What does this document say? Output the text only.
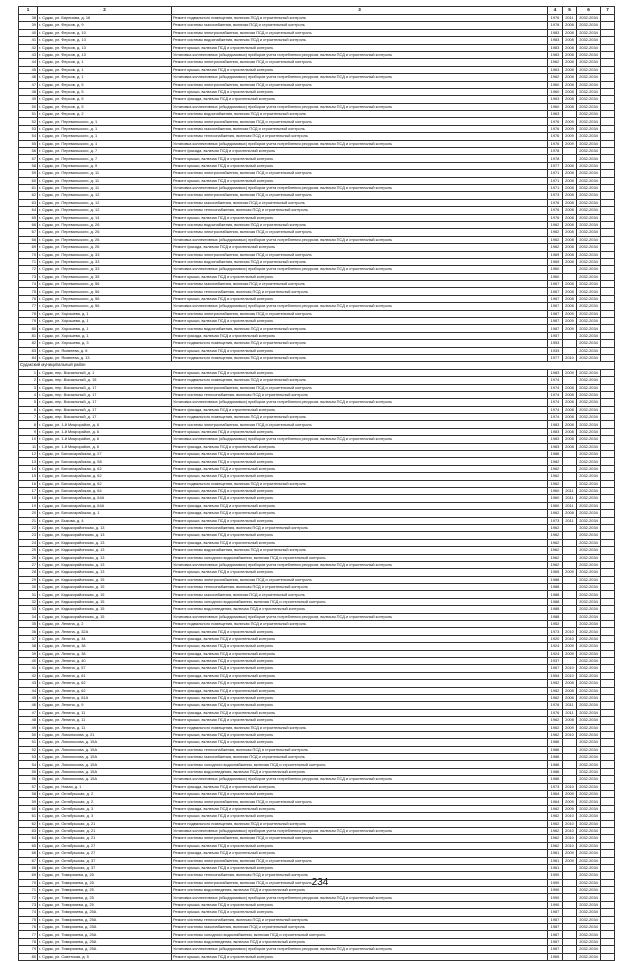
1	2	3	4	5	6	7
38	г. Судак, ул. Бирюзова, д. 16	Ремонт подвального помещения, включая ПСД и строительный контроль	1976	2011	2032-2034	
39	г. Судак, ул. Ферсов, д. 9	Ремонт системы газоснабжения, включая ПСД и строительный контроль	1978	2008	2032-2034	
40	г. Судак, ул. Ферсов, д. 10	Ремонт системы электроснабжения, включая ПСД и строительный контроль	1983	2008	2032-2034	
41	г. Судак, ул. Ферсов, д. 13	Ремонт системы водоснабжения, включая ПСД и строительный контроль	1983	2008	2032-2034	
42	г. Судак, ул. Ферсов, д. 13	Ремонт крыши, включая ПСД и строительный контроль	1983	2008	2032-2034	
43	г. Судак, ул. Ферсов, д. 13	Установка коллективных (общедомовых) приборов учета потребления ресурсов, включая ПСД и строительный контроль	1983	2008	2032-2034	
44	г. Судак, ул. Ферсов, д. 1	Ремонт системы электроснабжения, включая ПСД и строительный контроль	1962	2008	2032-2034	
45	г. Судак, ул. Ферсов, д. 1	Ремонт крыши, включая ПСД и строительный контроль	1963	2008	2032-2034	
46	г. Судак, ул. Ферсов, д. 1	Установка коллективных (общедомовых) приборов учета потребления ресурсов, включая ПСД и строительный контроль	1962	2008	2032-2034	
47	г. Судак, ул. Ферсов, д. 5	Ремонт системы электроснабжения, включая ПСД и строительный контроль	1960	2008	2032-2034	
48	г. Судак, ул. Ферсов, д. 5	Ремонт крыши, включая ПСД и строительный контроль	1960	2008	2032-2034	
49	г. Судак, ул. Ферсов, д. 5	Ремонт фасада, включая ПСД и строительный контроль	1963	2008	2032-2034	
50	г. Судак, ул. Ферсов, д. 5	Установка коллективных (общедомовых) приборов учета потребления ресурсов, включая ПСД и строительный контроль	1960	2008	2032-2034	
51	г. Судак, ул. Ферсов, д. 2	Ремонт системы водоснабжения, включая ПСД и строительный контроль	1963		2032-2034	
52	г. Судак, ул. Перевальского, д. 1	Ремонт системы электроснабжения, включая ПСД и строительный контроль	1976	2009	2032-2034	
53	г. Судак, ул. Перевальского, д. 1	Ремонт системы газоснабжения, включая ПСД и строительный контроль	1976	2009	2032-2034	
54	г. Судак, ул. Перевальского, д. 1	Ремонт системы теплоснабжения, включая ПСД и строительный контроль	1976	2009	2032-2034	
55	г. Судак, ул. Перевальского, д. 1	Установка коллективных (общедомовых) приборов учета потребления ресурсов, включая ПСД и строительный контроль	1976	2009	2032-2034	
56	г. Судак, ул. Перевальского, д. 7	Ремонт фасада, включая ПСД и строительный контроль	1978		2032-2034	
57	г. Судак, ул. Перевальского, д. 7	Ремонт крыши, включая ПСД и строительный контроль	1978		2032-2034	
58	г. Судак, ул. Перевальского, д. 9	Ремонт крыши, включая ПСД и строительный контроль	1977	2008	2032-2034	
59	г. Судак, ул. Перевальского, д. 11	Ремонт системы электроснабжения, включая ПСД и строительный контроль	1971	2008	2032-2034	
60	г. Судак, ул. Перевальского, д. 11	Ремонт крыши, включая ПСД и строительный контроль	1971	2008	2032-2034	
61	г. Судак, ул. Перевальского, д. 11	Установка коллективных (общедомовых) приборов учета потребления ресурсов, включая ПСД и строительный контроль	1971	2008	2032-2034	
62	г. Судак, ул. Перевальского, д. 12	Ремонт системы электроснабжения, включая ПСД и строительный контроль	1973	2008	2032-2034	
63	г. Судак, ул. Перевальского, д. 12	Ремонт системы газоснабжения, включая ПСД и строительный контроль	1976	2008	2032-2034	
64	г. Судак, ул. Перевальского, д. 12	Ремонт системы теплоснабжения, включая ПСД и строительный контроль	1976	2008	2032-2034	
65	г. Судак, ул. Перевальского, д. 14	Ремонт крыши, включая ПСД и строительный контроль	1976	2008	2032-2034	
66	г. Судак, ул. Перевальского, д. 26	Ремонт системы водоснабжения, включая ПСД и строительный контроль	1962	2008	2032-2034	
67	г. Судак, ул. Перевальского, д. 26	Ремонт системы электроснабжения, включая ПСД и строительный контроль	1962	2008	2032-2034	
68	г. Судак, ул. Перевальского, д. 26	Установка коллективных (общедомовых) приборов учета потребления ресурсов, включая ПСД и строительный контроль	1962	2008	2032-2034	
69	г. Судак, ул. Перевальского, д. 26	Ремонт фасада, включая ПСД и строительный контроль	1962	2008	2032-2034	
70	г. Судак, ул. Перевальского, д. 33	Ремонт системы электроснабжения, включая ПСД и строительный контроль	1969	2008	2032-2034	
71	г. Судак, ул. Перевальского, д. 33	Ремонт системы водоснабжения, включая ПСД и строительный контроль	1969	2008	2032-2034	
72	г. Судак, ул. Перевальского, д. 33	Установка коллективных (общедомовых) приборов учета потребления ресурсов, включая ПСД и строительный контроль	1960		2032-2034	
73	г. Судак, ул. Перевальского, д. 35	Ремонт крыши, включая ПСД и строительный контроль	1960		2032-2034	
74	г. Судак, ул. Перевальского, д. 56	Ремонт системы газоснабжения, включая ПСД и строительный контроль	1967	2008	2032-2034	
75	г. Судак, ул. Перевальского, д. 56	Ремонт системы теплоснабжения, включая ПСД и строительный контроль	1967	2008	2032-2034	
76	г. Судак, ул. Перевальского, д. 56	Ремонт крыши, включая ПСД и строительный контроль	1967	2008	2032-2034	
77	г. Судак, ул. Перевальского, д. 56	Установка коллективных (общедомовых) приборов учета потребления ресурсов, включая ПСД и строительный контроль	1967	2008	2032-2034	
78	г. Судак, ул. Хорошева, д. 1	Ремонт системы электроснабжения, включая ПСД и строительный контроль	1987	2009	2032-2034	
79	г. Судак, ул. Хорошева, д. 1	Ремонт крыши, включая ПСД и строительный контроль	1987	2009	2032-2034	
80	г. Судак, ул. Хорошева, д. 1	Ремонт системы водоснабжения, включая ПСД и строительный контроль	1987	2009	2032-2034	
81	г. Судак, ул. Хорошева, д. 1	Ремонт фасада, включая ПСД и строительный контроль	1957		2032-2034	
82	г. Судак, ул. Хорошева, д. 3	Ремонт подвального помещения, включая ПСД и строительный контроль	1953		2032-2034	
83	г. Судак, ул. Яковлева, д. 6	Ремонт крыши, включая ПСД и строительный контроль	1933		2032-2034	
84	г. Судак, ул. Яковлева, д. 13	Ремонт подвального помещения, включая ПСД и строительный контроль	1977	2010	2032-2034	
Судакский муниципальный район						
1	г. Судак, пер. Вокзальный, д. 1	Ремонт крыши, включая ПСД и строительный контроль	1983	2009	2032-2034	
2	г. Судак, пер. Вокзальный, д. 15	Ремонт подвального помещения, включая ПСД и строительный контроль	1974		2032-2034	
3	г. Судак, пер. Вокзальный, д. 17	Ремонт системы электроснабжения, включая ПСД и строительный контроль	1974	2008	2032-2034	
4	г. Судак, пер. Вокзальный, д. 17	Ремонт системы теплоснабжения, включая ПСД и строительный контроль	1974	2008	2032-2034	
5	г. Судак, пер. Вокзальный, д. 17	Установка коллективных (общедомовых) приборов учета потребления ресурсов, включая ПСД и строительный контроль	1974	2008	2032-2034	
6	г. Судак, пер. Вокзальный, д. 17	Ремонт фасада, включая ПСД и строительный контроль	1974	2008	2032-2034	
7	г. Судак, пер. Вокзальный, д. 17	Ремонт подвального помещения, включая ПСД и строительный контроль	1974	2008	2032-2034	
8	г. Судак, ул. 1-й Микрорайон, д. 6	Ремонт системы электроснабжения, включая ПСД и строительный контроль	1983	2008	2032-2034	
9	г. Судак, ул. 1-й Микрорайон, д. 6	Ремонт крыши, включая ПСД и строительный контроль	1983	2008	2032-2034	
10	г. Судак, ул. 1-й Микрорайон, д. 6	Установка коллективных (общедомовых) приборов учета потребления ресурсов, включая ПСД и строительный контроль	1983	2008	2032-2034	
11	г. Судак, ул. 1-й Микрорайон, д. 6	Ремонт фасада, включая ПСД и строительный контроль	1983	2008	2032-2034	
12	г. Судак, ул. Бахчисарайская, д. 27	Ремонт крыши, включая ПСД и строительный контроль	1986		2032-2034	
13	г. Судак, ул. Бахчисарайская, д. 58	Ремонт крыши, включая ПСД и строительный контроль	1982		2032-2034	
14	г. Судак, ул. Бахчисарайская, д. 62	Ремонт фасада, включая ПСД и строительный контроль	1962		2032-2034	
15	г. Судак, ул. Бахчисарайская, д. 62	Ремонт крыши, включая ПСД и строительный контроль	1962		2032-2034	
16	г. Судак, ул. Бахчисарайская, д. 62	Ремонт подвального помещения, включая ПСД и строительный контроль	1962		2032-2034	
17	г. Судак, ул. Бахчисарайская, д. 64	Ремонт крыши, включая ПСД и строительный контроль	1960	2011	2032-2034	
18	г. Судак, ул. Бахчисарайская, д. 64А	Ремонт крыши, включая ПСД и строительный контроль	1960	2011	2032-2034	
19	г. Судак, ул. Бахчисарайская, д. 64А	Ремонт фасада, включая ПСД и строительный контроль	1960	2011	2032-2034	
20	г. Судак, ул. Бахчисарайская, д. 1	Ремонт фасада, включая ПСД и строительный контроль	1962	2008	2032-2034	
21	г. Судак, ул. Быкова, д. 4	Ремонт крыши, включая ПСД и строительный контроль	1973	2011	2032-2034	
22	г. Судак, ул. Кадыкорайонская, д. 13	Ремонт системы теплоснабжения, включая ПСД и строительный контроль	1962		2032-2034	
23	г. Судак, ул. Кадыкорайонская, д. 13	Ремонт крыши, включая ПСД и строительный контроль	1962		2032-2034	
24	г. Судак, ул. Кадыкорайонская, д. 13	Ремонт фасада, включая ПСД и строительный контроль	1962		2032-2034	
25	г. Судак, ул. Кадыкорайонская, д. 13	Ремонт системы водоснабжения, включая ПСД и строительный контроль	1962		2032-2034	
26	г. Судак, ул. Кадыкорайонская, д. 13	Ремонт системы холодного водоснабжения, включая ПСД и строительный контроль	1962		2032-2034	
27	г. Судак, ул. Кадыкорайонская, д. 13	Установка коллективных (общедомовых) приборов учета потребления ресурсов, включая ПСД и строительный контроль	1962		2032-2034	
28	г. Судак, ул. Кадыкорайонская, д. 13	Ремонт крыши, включая ПСД и строительный контроль	1965	2009	2032-2034	
29	г. Судак, ул. Кадыкорайонская, д. 15	Ремонт системы электроснабжения, включая ПСД и строительный контроль	1988		2032-2034	
30	г. Судак, ул. Кадыкорайонская, д. 15	Ремонт системы теплоснабжения, включая ПСД и строительный контроль	1988		2032-2034	
31	г. Судак, ул. Кадыкорайонская, д. 15	Ремонт системы газоснабжения, включая ПСД и строительный контроль	1988		2032-2034	
32	г. Судак, ул. Кадыкорайонская, д. 15	Ремонт системы холодного водоснабжения, включая ПСД и строительный контроль	1988		2032-2034	
33	г. Судак, ул. Кадыкорайонская, д. 15	Ремонт системы водоотведения, включая ПСД и строительный контроль	1988		2032-2034	
34	г. Судак, ул. Кадыкорайонская, д. 15	Установка коллективных (общедомовых) приборов учета потребления ресурсов, включая ПСД и строительный контроль	1988		2032-2034	
35	г. Судак, ул. Ленина, д. 2	Ремонт подвального помещения, включая ПСД и строительный контроль	1952		2032-2034	
36	г. Судак, ул. Ленина, д. 32А	Ремонт крыши, включая ПСД и строительный контроль	1973	2010	2032-2034	
37	г. Судак, ул. Ленина, д. 34	Ремонт фасада, включая ПСД и строительный контроль	1920	2010	2032-2034	
38	г. Судак, ул. Ленина, д. 38	Ремонт крыши, включая ПСД и строительный контроль	1924	2009	2032-2034	
39	г. Судак, ул. Ленина, д. 38	Ремонт фасада, включая ПСД и строительный контроль	1924	2009	2032-2034	
40	г. Судак, ул. Ленина, д. 40	Ремонт крыши, включая ПСД и строительный контроль	1937		2032-2034	
41	г. Судак, ул. Ленина, д. 57	Ремонт крыши, включая ПСД и строительный контроль	1967	2010	2032-2034	
42	г. Судак, ул. Ленина, д. 61	Ремонт фасада, включая ПСД и строительный контроль	1954	2010	2032-2034	
43	г. Судак, ул. Ленина, д. 62	Ремонт крыши, включая ПСД и строительный контроль	1952	2008	2032-2034	
44	г. Судак, ул. Ленина, д. 62	Ремонт фасада, включая ПСД и строительный контроль	1952	2008	2032-2034	
45	г. Судак, ул. Ленина, д. 81А	Ремонт крыши, включая ПСД и строительный контроль	1962	2008	2032-2034	
46	г. Судак, ул. Ленина, д. 9	Ремонт крыши, включая ПСД и строительный контроль	1976	2011	2032-2034	
47	г. Судак, ул. Ленина, д. 11	Ремонт фасада, включая ПСД и строительный контроль	1976	2011	2032-2034	
48	г. Судак, ул. Ленина, д. 11	Ремонт крыши, включая ПСД и строительный контроль	1962	2008	2032-2034	
49	г. Судак, ул. Ленина, д. 11	Ремонт подвального помещения, включая ПСД и строительный контроль	1962	2009	2032-2034	
50	г. Судак, ул. Ломоносова, д. 21	Ремонт крыши, включая ПСД и строительный контроль	1962	2010	2032-2034	
51	г. Судак, ул. Ломоносова, д. 15А	Ремонт крыши, включая ПСД и строительный контроль	1986		2032-2034	
52	г. Судак, ул. Ломоносова, д. 15А	Ремонт системы теплоснабжения, включая ПСД и строительный контроль	1986		2032-2034	
53	г. Судак, ул. Ломоносова, д. 15А	Ремонт системы газоснабжения, включая ПСД и строительный контроль	1986		2032-2034	
54	г. Судак, ул. Ломоносова, д. 15А	Ремонт системы холодного водоснабжения, включая ПСД и строительный контроль	1986		2032-2034	
55	г. Судак, ул. Ломоносова, д. 15А	Ремонт системы водоотведения, включая ПСД и строительный контроль	1986		2032-2034	
56	г. Судак, ул. Ломоносова, д. 15А	Установка коллективных (общедомовых) приборов учета потребления ресурсов, включая ПСД и строительный контроль	1986		2032-2034	
57	г. Судак, ул. Новая, д. 1	Ремонт фасада, включая ПСД и строительный контроль	1973	2010	2032-2034	
58	г. Судак, ул. Октябрьская, д. 2	Ремонт крыши, включая ПСД и строительный контроль	1964	2009	2032-2034	
59	г. Судак, ул. Октябрьская, д. 2	Ремонт системы электроснабжения, включая ПСД и строительный контроль	1964	2009	2032-2034	
60	г. Судак, ул. Октябрьская, д. 3	Ремонт фасада, включая ПСД и строительный контроль	1962	2009	2032-2034	
61	г. Судак, ул. Октябрьская, д. 3	Ремонт крыши, включая ПСД и строительный контроль	1962	2010	2032-2034	
62	г. Судак, ул. Октябрьская, д. 21	Ремонт подвального помещения, включая ПСД и строительный контроль	1962	2010	2032-2034	
63	г. Судак, ул. Октябрьская, д. 21	Установка коллективных (общедомовых) приборов учета потребления ресурсов, включая ПСД и строительный контроль	1962	2010	2032-2034	
64	г. Судак, ул. Октябрьская, д. 21	Ремонт системы электроснабжения, включая ПСД и строительный контроль	1962	2010	2032-2034	
65	г. Судак, ул. Октябрьская, д. 27	Ремонт крыши, включая ПСД и строительный контроль	1962	2010	2032-2034	
66	г. Судак, ул. Октябрьская, д. 27	Ремонт фасада, включая ПСД и строительный контроль	1981	2009	2032-2034	
67	г. Судак, ул. Октябрьская, д. 37	Ремонт системы электроснабжения, включая ПСД и строительный контроль	1981	2009	2032-2034	
68	г. Судак, ул. Октябрьская, д. 37	Ремонт крыши, включая ПСД и строительный контроль	1981		2032-2034	
69	г. Судак, ул. Тимирязева, д. 25	Ремонт системы теплоснабжения, включая ПСД и строительный контроль	1990		2032-2034	
70	г. Судак, ул. Тимирязева, д. 25	Ремонт системы электроснабжения, включая ПСД и строительный контроль	1990		2032-2034	
71	г. Судак, ул. Тимирязева, д. 25	Ремонт системы водоотведения, включая ПСД и строительный контроль	1990		2032-2034	
72	г. Судак, ул. Тимирязева, д. 25	Установка коллективных (общедомовых) приборов учета потребления ресурсов, включая ПСД и строительный контроль	1990		2032-2034	
73	г. Судак, ул. Тимирязева, д. 25	Ремонт крыши, включая ПСД и строительный контроль	1990		2032-2034	
74	г. Судак, ул. Тимирязева, д. 25А	Ремонт крыши, включая ПСД и строительный контроль	1987		2032-2034	
75	г. Судак, ул. Тимирязева, д. 25А	Ремонт системы теплоснабжения, включая ПСД и строительный контроль	1987		2032-2034	
76	г. Судак, ул. Тимирязева, д. 25А	Ремонт системы газоснабжения, включая ПСД и строительный контроль	1987		2032-2034	
77	г. Судак, ул. Тимирязева, д. 25А	Ремонт системы холодного водоснабжения, включая ПСД и строительный контроль	1987		2032-2034	
78	г. Судак, ул. Тимирязева, д. 25А	Ремонт системы водоотведения, включая ПСД и строительный контроль	1987		2032-2034	
79	г. Судак, ул. Тимирязева, д. 25А	Установка коллективных (общедомовых) приборов учета потребления ресурсов, включая ПСД и строительный контроль	1987		2032-2034	
80	г. Судак, ул. Советская, д. 5	Ремонт крыши, включая ПСД и строительный контроль	1965		2032-2034	
234
